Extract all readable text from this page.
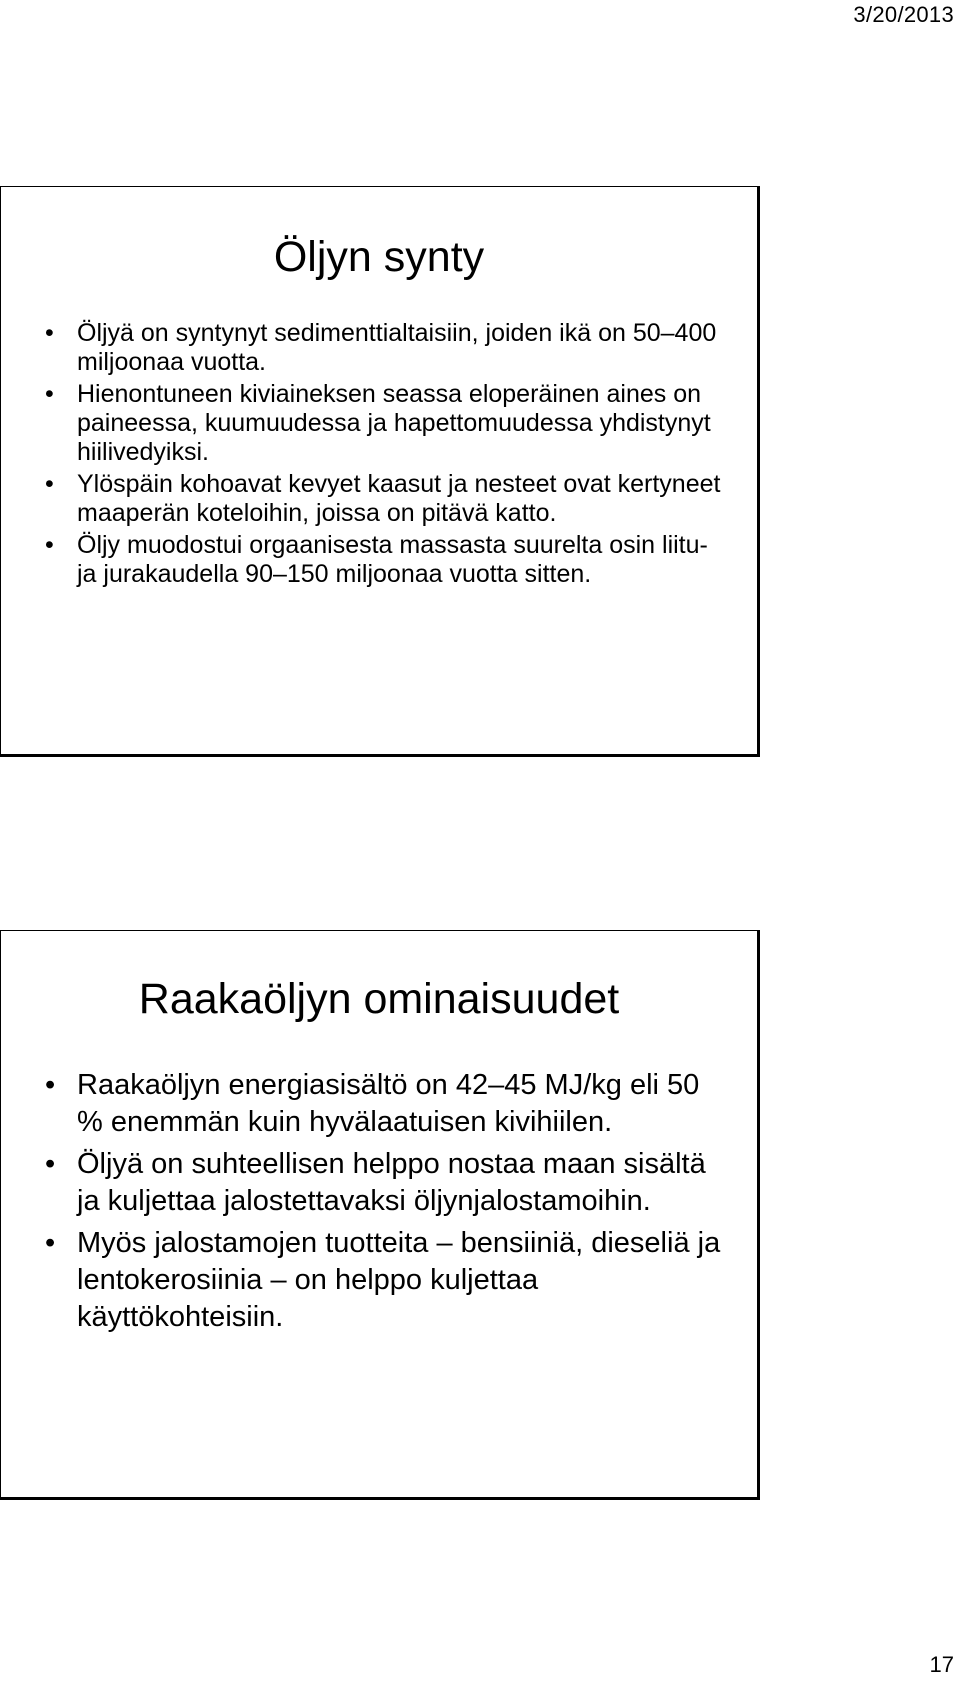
3/20/2013
Öljyn synty
• Öljyä on syntynyt sedimenttialtaisiin, joiden ikä on 50–400 miljoonaa vuotta.
• Hienontuneen kiviaineksen seassa eloperäinen aines on paineessa, kuumuudessa ja hapettomuudessa yhdistynyt hiilivedyiksi.
• Ylöspäin kohoavat kevyet kaasut ja nesteet ovat kertyneet maaperän koteloihin, joissa on pitävä katto.
• Öljy muodostui orgaanisesta massasta suurelta osin liitu- ja jurakaudella 90–150 miljoonaa vuotta sitten.
Raakaöljyn ominaisuudet
• Raakaöljyn energiasisältö on 42–45 MJ/kg eli 50 % enemmän kuin hyvälaatuisen kivihiilen.
• Öljyä on suhteellisen helppo nostaa maan sisältä ja kuljettaa jalostettavaksi öljynjalostamoihin.
• Myös jalostamojen tuotteita – bensiiniä, dieseliä ja lentokerosiinia – on helppo kuljettaa käyttökohteisiin.
17
